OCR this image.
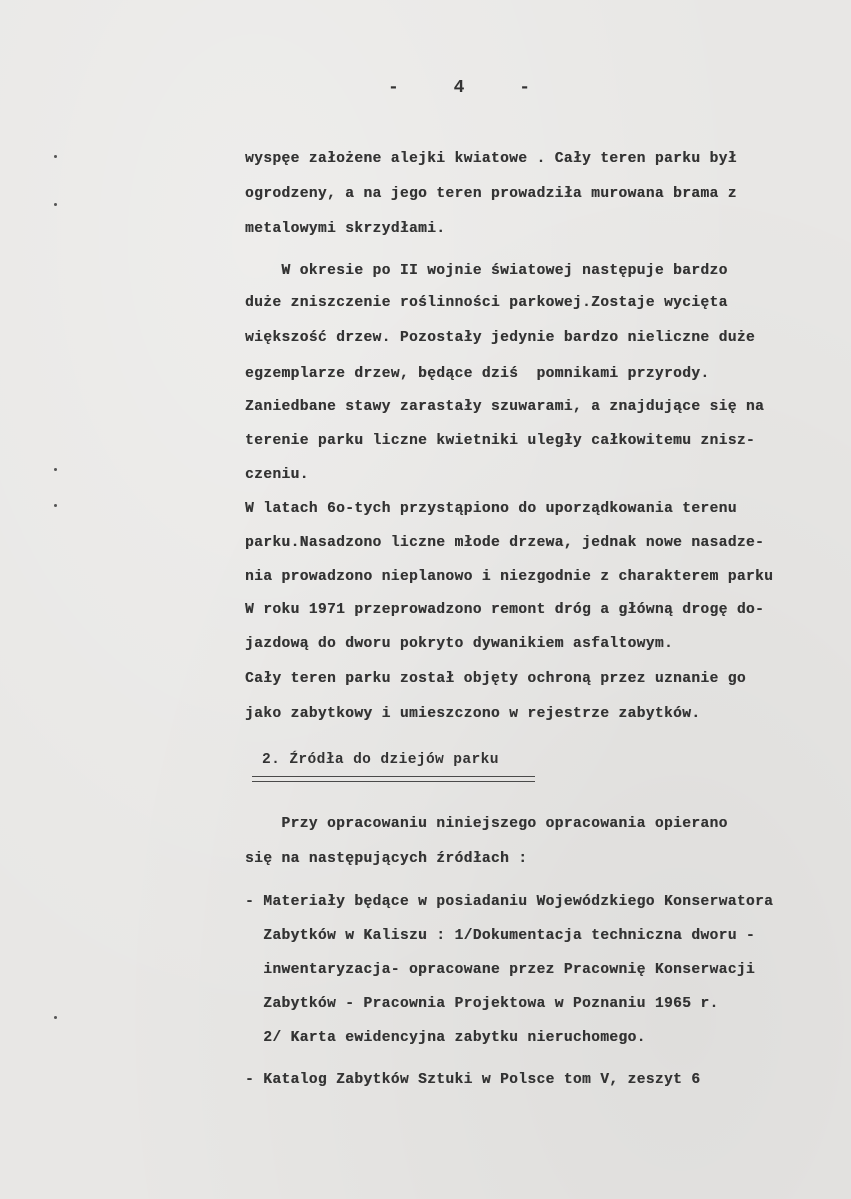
- 4 -
wyspęe założene alejki kwiatowe . Cały teren parku był
ogrodzeny, a na jego teren prowadziła murowana brama z
metalowymi skrzydłami.
W okresie po II wojnie światowej następuje bardzo
duże zniszczenie roślinności parkowej.Zostaje wycięta
większość drzew. Pozostały jedynie bardzo nieliczne duże
egzemplarze drzew, będące dziś  pomnikami przyrody.
Zaniedbane stawy zarastały szuwarami, a znajdujące się na
terenie parku liczne kwietniki uległy całkowitemu znisz-
czeniu.
W latach 6o-tych przystąpiono do uporządkowania terenu
parku.Nasadzono liczne młode drzewa, jednak nowe nasadze-
nia prowadzono nieplanowo i niezgodnie z charakterem parku
W roku 1971 przeprowadzono remont dróg a główną drogę do-
jazdową do dworu pokryto dywanikiem asfaltowym.
Cały teren parku został objęty ochroną przez uznanie go
jako zabytkowy i umieszczono w rejestrze zabytków.
2. Źródła do dziejów parku
Przy opracowaniu niniejszego opracowania opierano
się na następujących źródłach :
- Materiały będące w posiadaniu Wojewódzkiego Konserwatora
Zabytków w Kaliszu : 1/Dokumentacja techniczna dworu -
inwentaryzacja- opracowane przez Pracownię Konserwacji
Zabytków - Pracownia Projektowa w Poznaniu 1965 r.
2/ Karta ewidencyjna zabytku nieruchomego.
- Katalog Zabytków Sztuki w Polsce tom V, zeszyt 6
